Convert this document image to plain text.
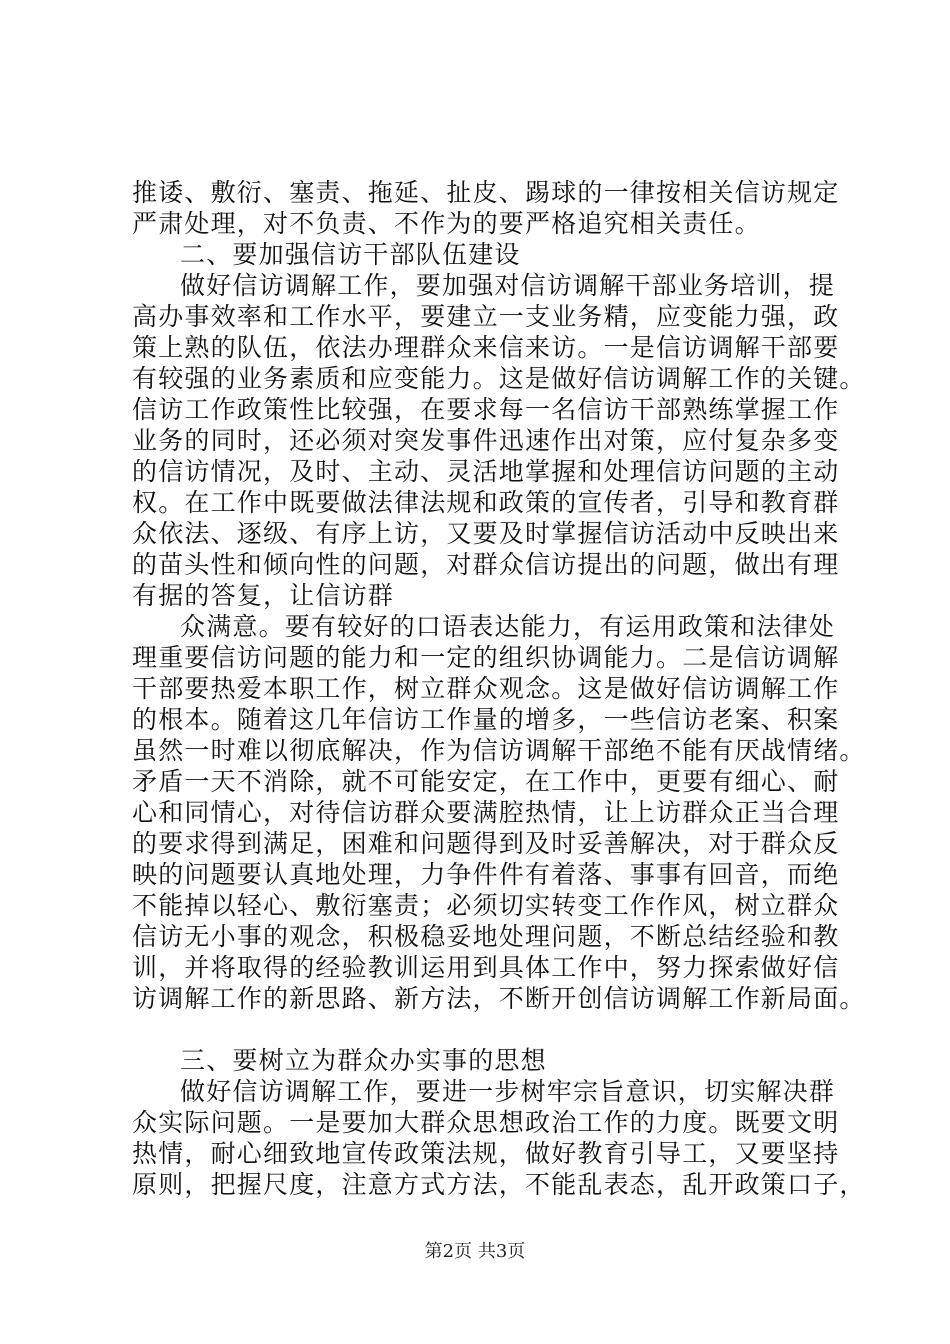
推诿、敷衍、塞责、拖延、扯皮、踢球的一律按相关信访规定
严肃处理，对不负责、不作为的要严格追究相关责任。
二、要加强信访干部队伍建设
做好信访调解工作，要加强对信访调解干部业务培训，提
高办事效率和工作水平，要建立一支业务精，应变能力强，政
策上熟的队伍，依法办理群众来信来访。一是信访调解干部要
有较强的业务素质和应变能力。这是做好信访调解工作的关键。
信访工作政策性比较强，在要求每一名信访干部熟练掌握工作
业务的同时，还必须对突发事件迅速作出对策，应付复杂多变
的信访情况，及时、主动、灵活地掌握和处理信访问题的主动
权。在工作中既要做法律法规和政策的宣传者，引导和教育群
众依法、逐级、有序上访，又要及时掌握信访活动中反映出来
的苗头性和倾向性的问题，对群众信访提出的问题，做出有理
有据的答复，让信访群
众满意。要有较好的口语表达能力，有运用政策和法律处
理重要信访问题的能力和一定的组织协调能力。二是信访调解
干部要热爱本职工作，树立群众观念。这是做好信访调解工作
的根本。随着这几年信访工作量的增多，一些信访老案、积案
虽然一时难以彻底解决，作为信访调解干部绝不能有厌战情绪。
矛盾一天不消除，就不可能安定，在工作中，更要有细心、耐
心和同情心，对待信访群众要满腔热情，让上访群众正当合理
的要求得到满足，困难和问题得到及时妥善解决，对于群众反
映的问题要认真地处理，力争件件有着落、事事有回音，而绝
不能掉以轻心、敷衍塞责；必须切实转变工作作风，树立群众
信访无小事的观念，积极稳妥地处理问题，不断总结经验和教
训，并将取得的经验教训运用到具体工作中，努力探索做好信
访调解工作的新思路、新方法，不断开创信访调解工作新局面。
三、要树立为群众办实事的思想
做好信访调解工作，要进一步树牢宗旨意识，切实解决群
众实际问题。一是要加大群众思想政治工作的力度。既要文明
热情，耐心细致地宣传政策法规，做好教育引导工，又要坚持
原则，把握尺度，注意方式方法，不能乱表态，乱开政策口子，
第2页 共3页
